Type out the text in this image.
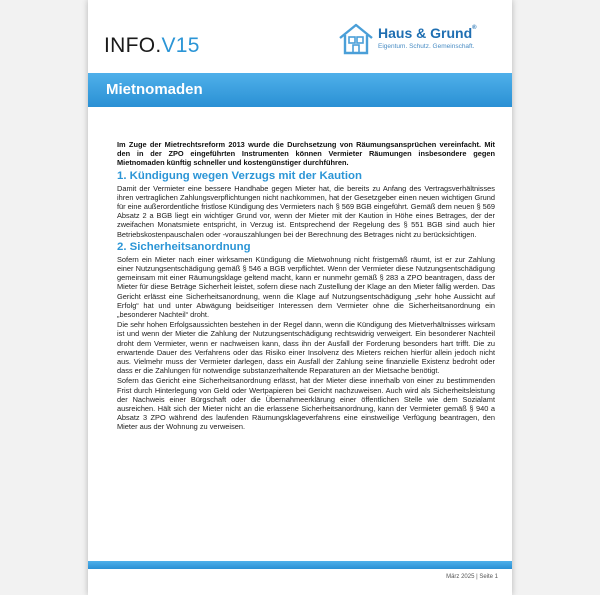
INFO.V15
Haus & Grund®
Eigentum. Schutz. Gemeinschaft.
Mietnomaden

Im Zuge der Mietrechtsreform 2013 wurde die Durchsetzung von Räumungsansprüchen vereinfacht. Mit den in der ZPO eingeführten Instrumenten können Vermieter Räumungen insbesondere gegen Mietnomaden künftig schneller und kostengünstiger durchführen.

1. Kündigung wegen Verzugs mit der Kaution

Damit der Vermieter eine bessere Handhabe gegen Mieter hat, die bereits zu Anfang des Vertragsverhältnisses ihren vertraglichen Zahlungsverpflichtungen nicht nachkommen, hat der Gesetzgeber einen neuen wichtigen Grund für eine außerordentliche fristlose Kündigung des Vermieters nach § 569 BGB eingeführt. Gemäß dem neuen § 569 Absatz 2 a BGB liegt ein wichtiger Grund vor, wenn der Mieter mit der Kaution in Höhe eines Betrages, der der zweifachen Monatsmiete entspricht, in Verzug ist. Entsprechend der Regelung des § 551 BGB sind auch hier Betriebskostenpauschalen oder -vorauszahlungen bei der Berechnung des Betrages nicht zu berücksichtigen.

2. Sicherheitsanordnung

Sofern ein Mieter nach einer wirksamen Kündigung die Mietwohnung nicht fristgemäß räumt, ist er zur Zahlung einer Nutzungsentschädigung gemäß § 546 a BGB verpflichtet. Wenn der Vermieter diese Nutzungsentschädigung gemeinsam mit einer Räumungsklage geltend macht, kann er nunmehr gemäß § 283 a ZPO beantragen, dass der Mieter für diese Beträge Sicherheit leistet, sofern diese nach Zustellung der Klage an den Mieter fällig werden. Das Gericht erlässt eine Sicherheitsanordnung, wenn die Klage auf Nutzungsentschädigung „sehr hohe Aussicht auf Erfolg“ hat und unter Abwägung beidseitiger Interessen dem Vermieter ohne die Sicherheitsanordnung ein „besonderer Nachteil“ droht.

Die sehr hohen Erfolgsaussichten bestehen in der Regel dann, wenn die Kündigung des Mietverhältnisses wirksam ist und wenn der Mieter die Zahlung der Nutzungsentschädigung rechtswidrig verweigert. Ein besonderer Nachteil droht dem Vermieter, wenn er nachweisen kann, dass ihn der Ausfall der Forderung besonders hart trifft. Die zu erwartende Dauer des Verfahrens oder das Risiko einer Insolvenz des Mieters reichen hierfür allein jedoch nicht aus. Vielmehr muss der Vermieter darlegen, dass ein Ausfall der Zahlung seine finanzielle Existenz bedroht oder dass er die Zahlungen für notwendige substanzerhaltende Reparaturen an der Mietsache benötigt.

Sofern das Gericht eine Sicherheitsanordnung erlässt, hat der Mieter diese innerhalb von einer zu bestimmenden Frist durch Hinterlegung von Geld oder Wertpapieren bei Gericht nachzuweisen. Auch wird als Sicherheitsleistung der Nachweis einer Bürgschaft oder die Übernahmeerklärung einer öffentlichen Stelle wie dem Sozialamt ausreichen. Hält sich der Mieter nicht an die erlassene Sicherheitsanordnung, kann der Vermieter gemäß § 940 a Absatz 3 ZPO während des laufenden Räumungsklageverfahrens eine einstweilige Verfügung beantragen, den Mieter aus der Wohnung zu verweisen.

März 2025 | Seite 1
